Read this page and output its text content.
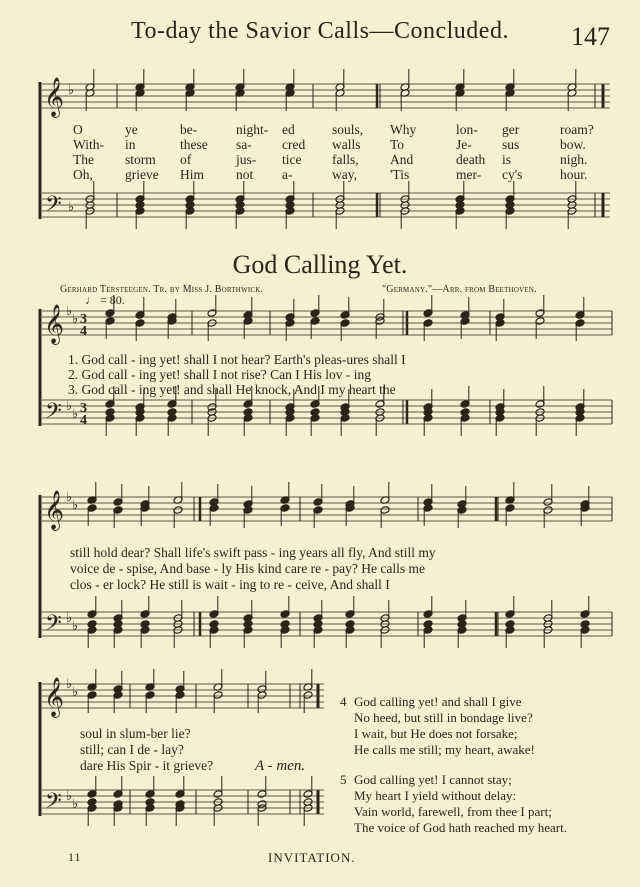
𝄞
𝄢
♭
♭
𝄞
𝄢
♭
♭
♭
♭
3
4
3
4
𝄞
𝄢
♭
♭
♭
♭
𝄞
𝄢
♭
♭
♭
♭
To-day the Savior Calls—Concluded.	147
O	ye	be-	night- ed	souls, Why	lon- ger	roam?
With- in	these sa- cred walls To	Je- sus	bow.
The storm of	jus- tice falls, And	death is	nigh.
Oh, grieve Him not a-	way, 'Tis	mer- cy's	hour.
God Calling Yet.
Gerhard Tersteegen. Tr. by Miss J. Borthwick.	"Germany."—Arr. from Beethoven.
♩ = 80.
1. God call - ing yet! shall I not hear? Earth's pleas-ures shall I
2. God call - ing yet! shall I not rise? Can I His lov - ing
3. God call - ing yet! and shall He knock, And I my heart the
still hold dear? Shall life's swift pass - ing years all fly, And still my
voice de - spise, And base - ly His kind care re - pay? He calls me
clos - er lock? He still is wait - ing to re - ceive, And shall I
soul in slum-ber lie?
still; can I de - lay?
dare His Spir - it grieve?	A - men.
4 God calling yet! and shall I give
No heed, but still in bondage live?
I wait, but He does not forsake;
He calls me still; my heart, awake!
5 God calling yet! I cannot stay;
My heart I yield without delay:
Vain world, farewell, from thee I part;
The voice of God hath reached my heart.
11	INVITATION.
